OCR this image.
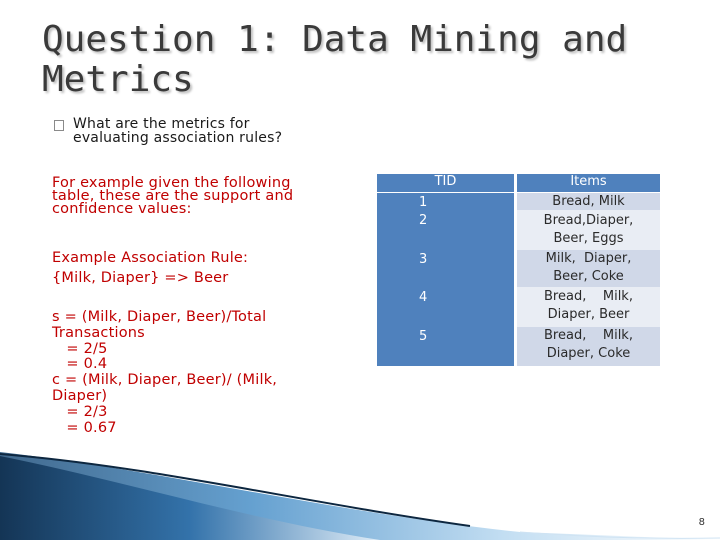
Question 1: Data Mining and
Metrics
What are the metrics for
evaluating association rules?
For example given the following
table, these are the support and
confidence values:
Example Association Rule:
{Milk, Diaper} => Beer
s = (Milk, Diaper, Beer)/Total
Transactions
= 2/5
= 0.4
c = (Milk, Diaper, Beer)/ (Milk,
Diaper)
= 2/3
= 0.67
TID	Items
1
2
3
4
5
Bread, Milk
Bread,Diaper,
Beer, Eggs
Milk,  Diaper,
Beer, Coke
Bread,    Milk,
Diaper, Beer
Bread,    Milk,
Diaper, Coke
8
